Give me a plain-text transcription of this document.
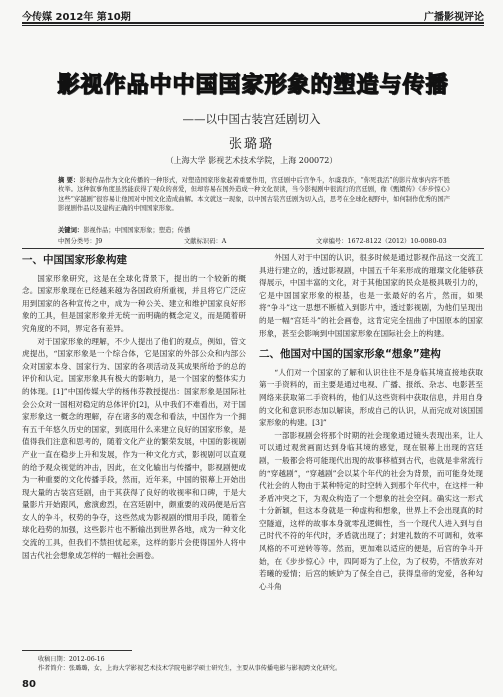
今传媒 2012年 第10期	广播影视评论
影视作品中中国国家形象的塑造与传播
——以中国古装宫廷剧切入
张璐璐
（上海大学 影视艺术技术学院，上海 200072）
摘 要：影视作品作为文化传播的一种形式，对塑造国家形象起着重要作用，宫廷剧中后宫争斗，尔虞我诈，“你死我活”的影片故事内容不胜枚举。这种叙事角度虽然能获得了观众的喜爱，但却容易在国外造成一种文化误读，当今影视剧中很流行的宫廷剧，像《甄嬛传》《步步惊心》这些“穿越剧”很容易让他国对中国文化造成曲解。本文就这一现象，以中国古装宫廷剧为切入点，思考在全球化视野中，如何制作优秀的国产影视剧作品以及建构正确的中国国家形象。
关键词：影视作品；中国国家形象；塑造；传播
中图分类号：J9	文献标识码：A	文章编号：1672-8122（2012）10-0080-03
一、中国国家形象构建

国家形象研究，这是在全球化背景下，提出的一个较新的概念。国家形象现在已经越来越为各国政府所重视，并且将它广泛应用到国家的各种宣传之中，成为一种公关、建立和维护国家良好形象的工具，但是国家形象并无统一而明确的概念定义，而是随着研究角度的不同，界定各有差异。

对于国家形象的理解，不少人提出了他们的观点，例如，管文虎提出，“国家形象是一个综合体，它是国家的外部公众和内部公众对国家本身、国家行为、国家的各项活动及其成果所给予的总的评价和认定。国家形象具有极大的影响力，是一个国家的整体实力的体现。[1]”中国传媒大学的杨伟芬教授提出：国家形象是国际社会公众对一国相对稳定的总体评价[2]，从中我们不难看出，对于国家形象这一概念的理解，存在诸多的观念和看法，中国作为一个拥有五千年悠久历史的国家，到底用什么来建立良好的国家形象，是值得我们注意和思考的，随着文化产业的繁荣发展，中国的影视剧产业一直在稳步上升和发展，作为一种文化方式，影视剧可以直观的给予观众视觉的冲击，因此，在文化输出与传播中，影视剧便成为一种重要的文化传播手段，然而，近年来，中国的银幕上开始出现大量的古装宫廷剧，由于其获得了良好的收视率和口碑，于是大量影片开始跟风，愈演愈烈，在宫廷剧中，颇重要的戏码便是后宫女人的争斗，权势的争夺，这些然成为影视剧的惯用手段，随着全球化趋势的加强，这些影片也不断输出到世界各地，成为一种文化交流的工具，但我们不禁担忧起来，这样的影片会使得国外人将中国古代社会想象成怎样的一幅社会画卷。

外国人对于中国的认识，很多时候是通过影视作品这一交流工具进行建立的，透过影视剧，中国五千年来形成的璀璨文化能够获得展示，中国丰富的文化，对于其他国家的民众是极具吸引力的，它是中国国家形象的根基，也是一张最好的名片，然而，如果将“争斗”这一思想不断植入到影片中，透过影视剧，为他们呈现出的是一幅“宫廷斗”的社会画卷，这肯定完全扭曲了中国原本的国家形象，甚至会影响到中国国家形象在国际社会上的构建。

二、他国对中国的国家形象“想象”建构

“人们对一个国家的了解和认识往往不是身临其境直接地获取第一手资料的，而主要是通过电视、广播、报纸、杂志、电影甚至网络来获取第二手资料的，他们从这些资料中获取信息，并用自身的文化和意识形态加以解读，形成自己的认识，从而完成对该国国家形象的构建。[3]”

一部影视剧会将那个时期的社会现象通过镜头表现出来，让人可以通过观赏画面达到身临其境的感觉，现在银幕上出现的宫廷剧，一般都会将可能现代出现的故事移植到古代，也就是非常流行的“穿越剧”，“穿越剧”会以某个年代的社会为背景，而可能身处现代社会的人物由于某种特定的时空转入到那个年代中，在这样一种矛盾冲突之下，为观众构造了一个想象的社会空间。确实这一形式十分新颖，但这本身就是一种虚构和想象，世界上不会出现真的时空隧道，这样的故事本身就零乱逻辑性，当一个现代人进入到与自己时代不符的年代时，矛盾就出现了；封建礼数的不可调和，效率风格的不可逆转等等。然而，更加难以适应的便是，后宫的争斗开始，在《步步惊心》中，四阿哥为了上位，为了权势，不惜放弃对若曦的爱情；后宫的嫉妒为了保全自己，获得皇帝的宠爱，各种勾心斗角

收稿日期：2012-06-16
作者简介：张璐璐，女，上海大学影视艺术技术学院电影学硕士研究生，主要从事传播电影与影视跨文化研究。
80
